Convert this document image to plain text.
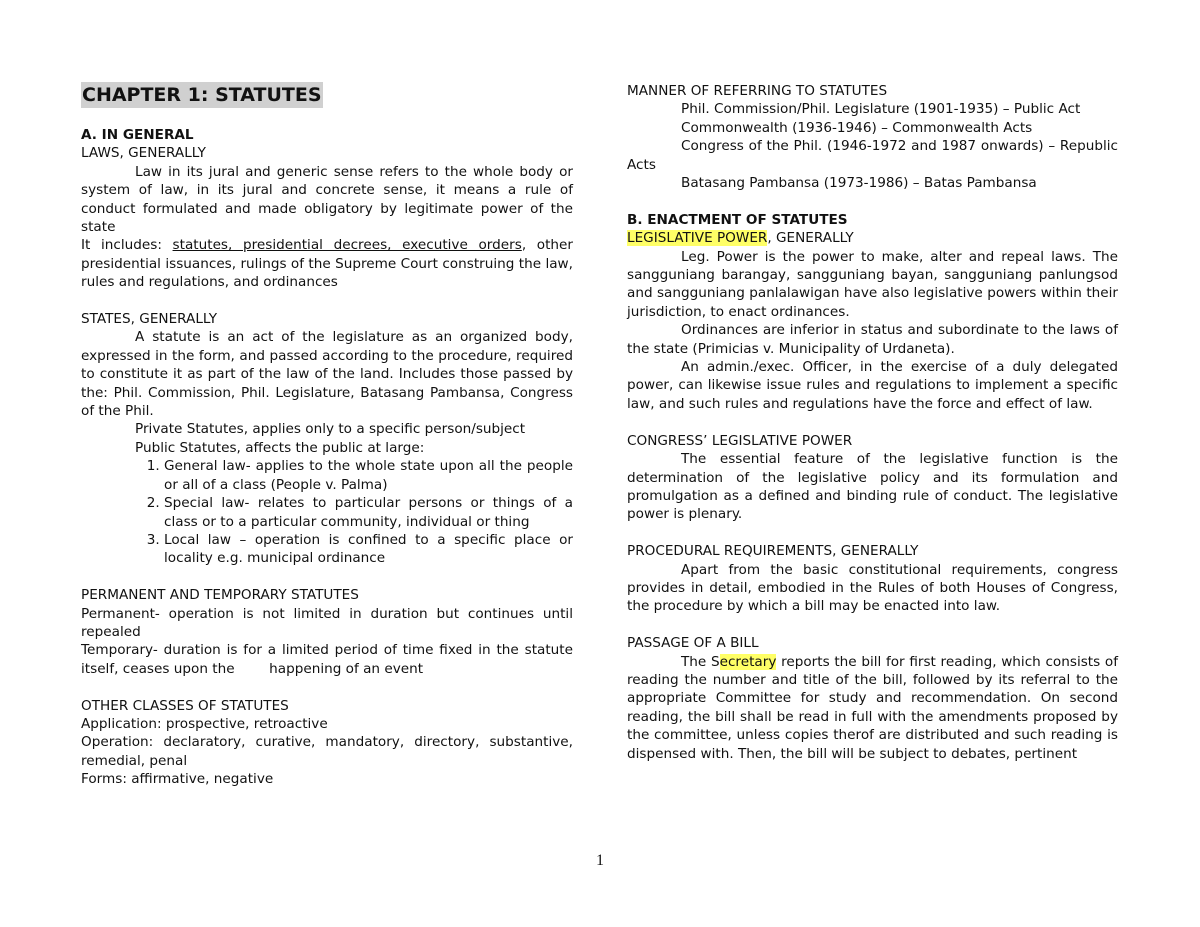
CHAPTER 1: STATUTES

A. IN GENERAL

LAWS, GENERALLY

Law in its jural and generic sense refers to the whole body or system of law, in its jural and concrete sense, it means a rule of conduct formulated and made obligatory by legitimate power of the state

It includes: statutes, presidential decrees, executive orders, other presidential issuances, rulings of the Supreme Court construing the law, rules and regulations, and ordinances

STATES, GENERALLY

A statute is an act of the legislature as an organized body, expressed in the form, and passed according to the procedure, required to constitute it as part of the law of the land. Includes those passed by the: Phil. Commission, Phil. Legislature, Batasang Pambansa, Congress of the Phil.

Private Statutes, applies only to a specific person/subject

Public Statutes, affects the public at large:

1. General law- applies to the whole state upon all the people or all of a class (People v. Palma)
2. Special law- relates to particular persons or things of a class or to a particular community, individual or thing
3. Local law – operation is confined to a specific place or locality e.g. municipal ordinance

PERMANENT AND TEMPORARY STATUTES

Permanent- operation is not limited in duration but continues until repealed

Temporary- duration is for a limited period of time fixed in the statute itself, ceases upon the        happening of an event

OTHER CLASSES OF STATUTES

Application: prospective, retroactive

Operation: declaratory, curative, mandatory, directory, substantive, remedial, penal

Forms: affirmative, negative

MANNER OF REFERRING TO STATUTES

Phil. Commission/Phil. Legislature (1901-1935) – Public Act

Commonwealth (1936-1946) – Commonwealth Acts

Congress of the Phil. (1946-1972 and 1987 onwards) – Republic Acts

Batasang Pambansa (1973-1986) – Batas Pambansa

B. ENACTMENT OF STATUTES

LEGISLATIVE POWER, GENERALLY

Leg. Power is the power to make, alter and repeal laws. The sangguniang barangay, sangguniang bayan, sangguniang panlungsod and sangguniang panlalawigan have also legislative powers within their jurisdiction, to enact ordinances.

Ordinances are inferior in status and subordinate to the laws of the state (Primicias v. Municipality of Urdaneta).

An admin./exec. Officer, in the exercise of a duly delegated power, can likewise issue rules and regulations to implement a specific law, and such rules and regulations have the force and effect of law.

CONGRESS’ LEGISLATIVE POWER

The essential feature of the legislative function is the determination of the legislative policy and its formulation and promulgation as a defined and binding rule of conduct. The legislative power is plenary.

PROCEDURAL REQUIREMENTS, GENERALLY

Apart from the basic constitutional requirements, congress provides in detail, embodied in the Rules of both Houses of Congress, the procedure by which a bill may be enacted into law.

PASSAGE OF A BILL

The Secretary reports the bill for first reading, which consists of reading the number and title of the bill, followed by its referral to the appropriate Committee for study and recommendation. On second reading, the bill shall be read in full with the amendments proposed by the committee, unless copies therof are distributed and such reading is dispensed with. Then, the bill will be subject to debates, pertinent

1
